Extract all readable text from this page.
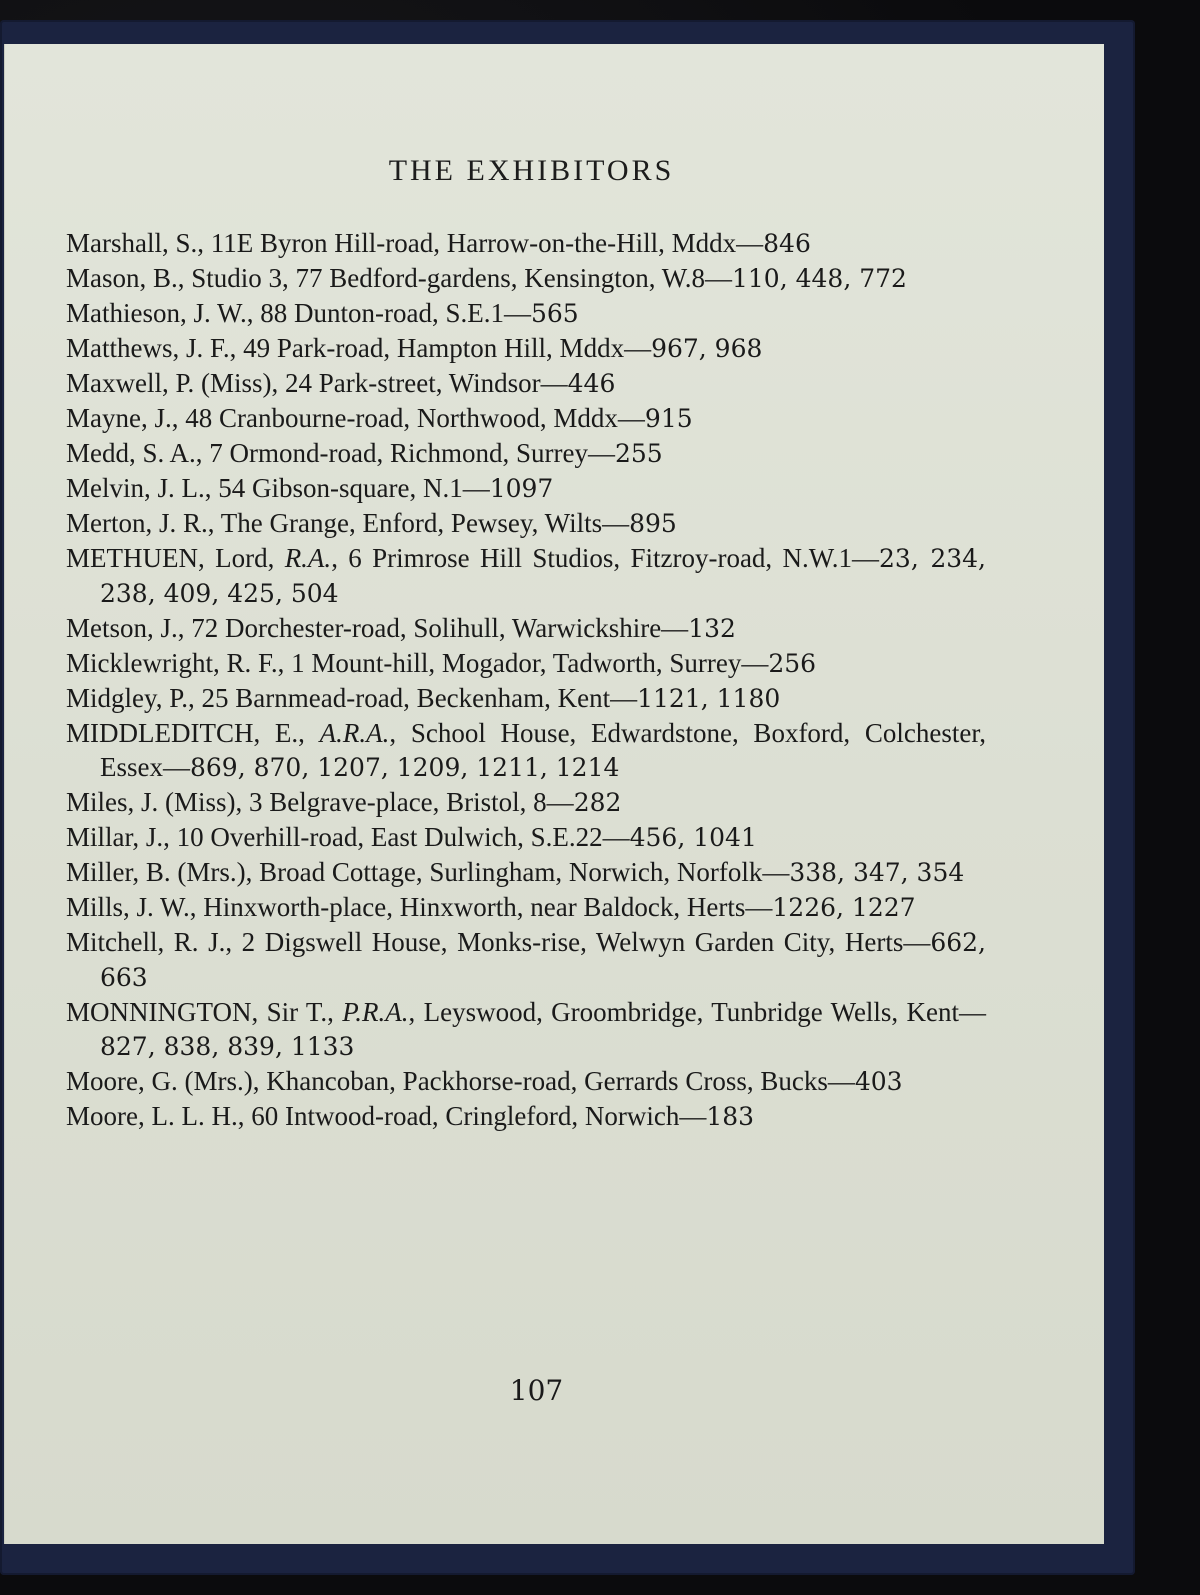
THE EXHIBITORS
Marshall, S., 11E Byron Hill-road, Harrow-on-the-Hill, Mddx—846
Mason, B., Studio 3, 77 Bedford-gardens, Kensington, W.8—110, 448, 772
Mathieson, J. W., 88 Dunton-road, S.E.1—565
Matthews, J. F., 49 Park-road, Hampton Hill, Mddx—967, 968
Maxwell, P. (Miss), 24 Park-street, Windsor—446
Mayne, J., 48 Cranbourne-road, Northwood, Mddx—915
Medd, S. A., 7 Ormond-road, Richmond, Surrey—255
Melvin, J. L., 54 Gibson-square, N.1—1097
Merton, J. R., The Grange, Enford, Pewsey, Wilts—895
METHUEN, Lord, R.A., 6 Primrose Hill Studios, Fitzroy-road, N.W.1—23, 234, 238, 409, 425, 504
Metson, J., 72 Dorchester-road, Solihull, Warwickshire—132
Micklewright, R. F., 1 Mount-hill, Mogador, Tadworth, Surrey—256
Midgley, P., 25 Barnmead-road, Beckenham, Kent—1121, 1180
MIDDLEDITCH, E., A.R.A., School House, Edwardstone, Boxford, Colchester, Essex—869, 870, 1207, 1209, 1211, 1214
Miles, J. (Miss), 3 Belgrave-place, Bristol, 8—282
Millar, J., 10 Overhill-road, East Dulwich, S.E.22—456, 1041
Miller, B. (Mrs.), Broad Cottage, Surlingham, Norwich, Norfolk—338, 347, 354
Mills, J. W., Hinxworth-place, Hinxworth, near Baldock, Herts—1226, 1227
Mitchell, R. J., 2 Digswell House, Monks-rise, Welwyn Garden City, Herts—662, 663
MONNINGTON, Sir T., P.R.A., Leyswood, Groombridge, Tunbridge Wells, Kent—827, 838, 839, 1133
Moore, G. (Mrs.), Khancoban, Packhorse-road, Gerrards Cross, Bucks—403
Moore, L. L. H., 60 Intwood-road, Cringleford, Norwich—183
107
